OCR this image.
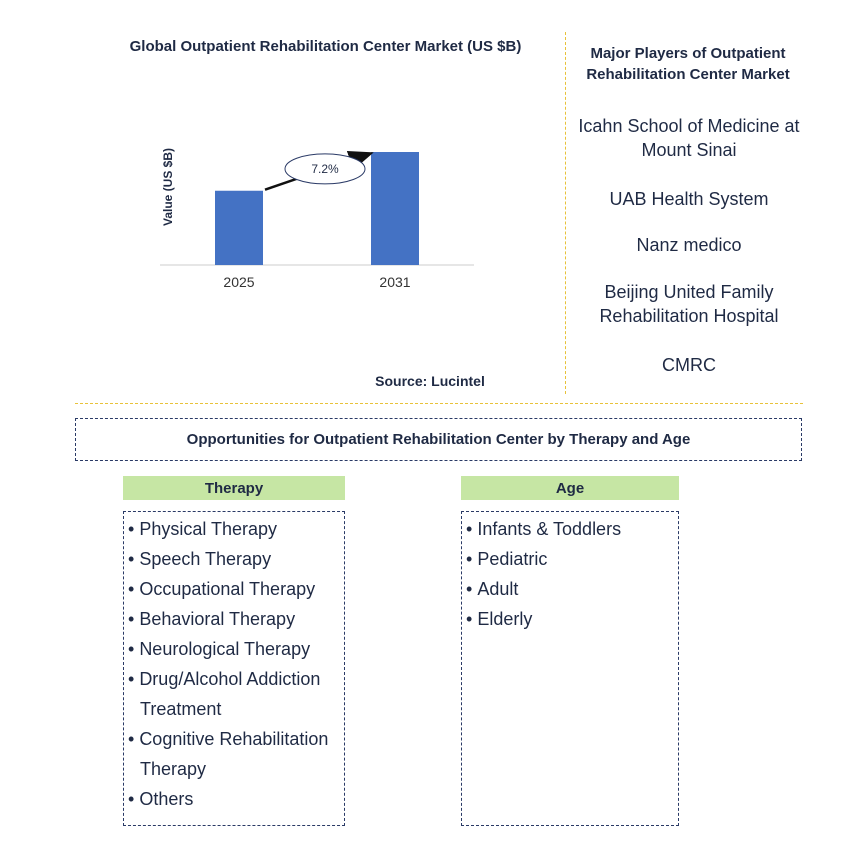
Global Outpatient Rehabilitation Center Market (US $B)
Value (US $B)
2025	2031
7.2%
Source: Lucintel
Major Players of Outpatient Rehabilitation Center Market
Icahn School of Medicine at Mount Sinai
UAB Health System
Nanz medico
Beijing United Family Rehabilitation Hospital
CMRC
Opportunities for Outpatient Rehabilitation Center by Therapy and Age
Therapy
• Physical Therapy
• Speech Therapy
• Occupational Therapy
• Behavioral Therapy
• Neurological Therapy
• Drug/Alcohol Addiction Treatment
• Cognitive Rehabilitation Therapy
• Others
Age
• Infants & Toddlers
• Pediatric
• Adult
• Elderly
